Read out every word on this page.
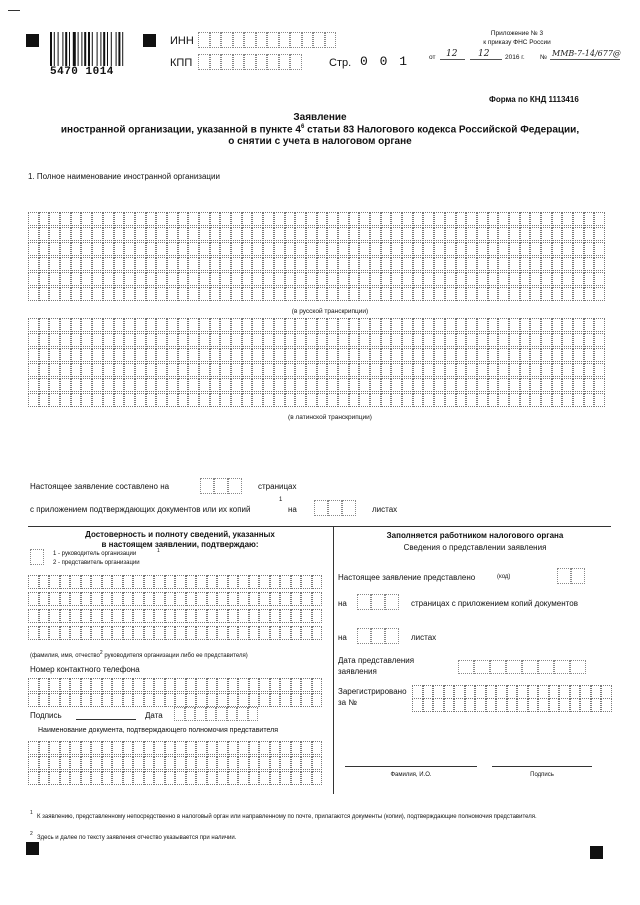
5470 1014
ИНН
КПП	Стр. 0 0 1
Приложение № 3
к приказу ФНС России
от 12 12 2016 г. № ММВ-7-14/677@
Форма по КНД 1113416
Заявление
иностранной организации, указанной в пункте $4^6$ статьи 83 Налогового кодекса Российской Федерации,
о снятии с учета в налоговом органе
1. Полное наименование иностранной организации
(в русской транскрипции)
(в латинской транскрипции)
Настоящее заявление составлено на	страницах
с приложением подтверждающих документов или их копий
1
на	листах
Достоверность и полноту сведений, указанных
в настоящем заявлении, подтверждаю:
1 - руководитель организации	1
2 - представитель организации
(фамилия, имя, отчество$^2$ руководителя организации либо ее представителя)
Номер контактного телефона
Подпись	Дата
Наименование документа, подтверждающего полномочия представителя
Заполняется работником налогового органа
Сведения о представлении заявления
Настоящее заявление представлено	(код)
на	страницах с приложением копий документов
на	листах
Дата представления
заявления
Зарегистрировано
за №
Фамилия, И.О.	Подпись
1
К заявлению, представленному непосредственно в налоговый орган или направленному по почте, прилагаются документы (копии), подтверждающие полномочия представителя.
2
Здесь и далее по тексту заявления отчество указывается при наличии.
